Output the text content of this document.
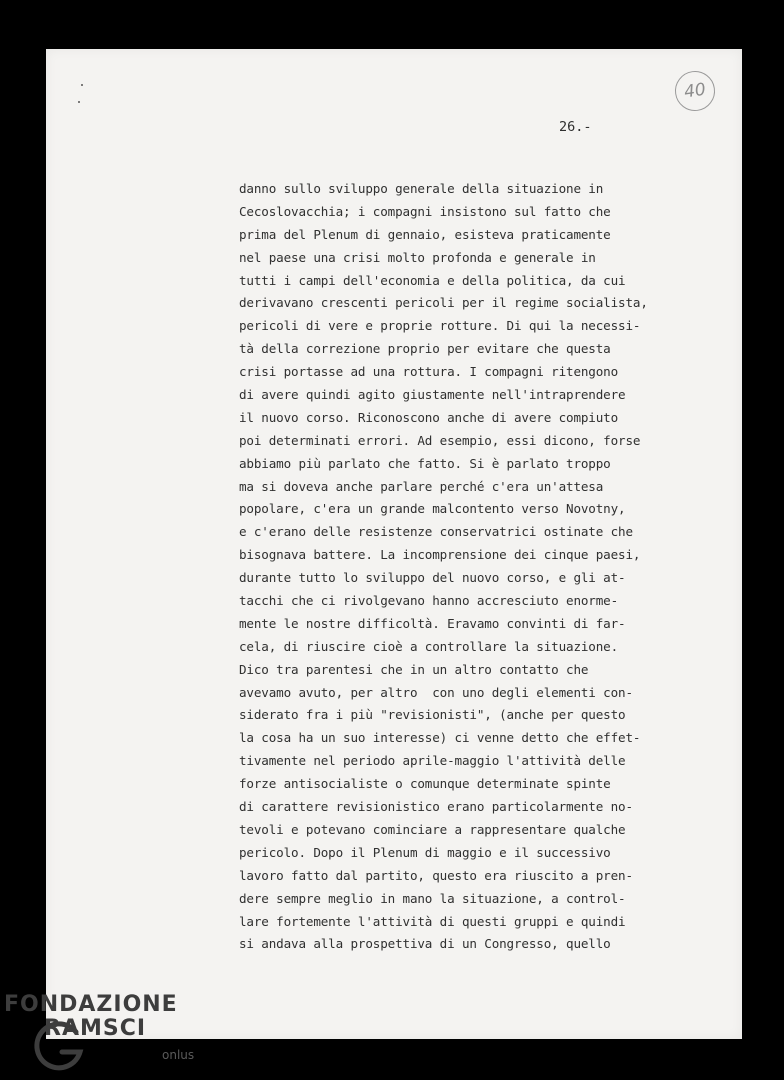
40
26.-
danno sullo sviluppo generale della situazione in
Cecoslovacchia; i compagni insistono sul fatto che
prima del Plenum di gennaio, esisteva praticamente
nel paese una crisi molto profonda e generale in
tutti i campi dell'economia e della politica, da cui
derivavano crescenti pericoli per il regime socialista,
pericoli di vere e proprie rotture. Di qui la necessi-
tà della correzione proprio per evitare che questa
crisi portasse ad una rottura. I compagni ritengono
di avere quindi agito giustamente nell'intraprendere
il nuovo corso. Riconoscono anche di avere compiuto
poi determinati errori. Ad esempio, essi dicono, forse
abbiamo più parlato che fatto. Si è parlato troppo
ma si doveva anche parlare perché c'era un'attesa
popolare, c'era un grande malcontento verso Novotny,
e c'erano delle resistenze conservatrici ostinate che
bisognava battere. La incomprensione dei cinque paesi,
durante tutto lo sviluppo del nuovo corso, e gli at-
tacchi che ci rivolgevano hanno accresciuto enorme-
mente le nostre difficoltà. Eravamo convinti di far-
cela, di riuscire cioè a controllare la situazione.
Dico tra parentesi che in un altro contatto che
avevamo avuto, per altro  con uno degli elementi con-
siderato fra i più "revisionisti", (anche per questo
la cosa ha un suo interesse) ci venne detto che effet-
tivamente nel periodo aprile-maggio l'attività delle
forze antisocialiste o comunque determinate spinte
di carattere revisionistico erano particolarmente no-
tevoli e potevano cominciare a rappresentare qualche
pericolo. Dopo il Plenum di maggio e il successivo
lavoro fatto dal partito, questo era riuscito a pren-
dere sempre meglio in mano la situazione, a control-
lare fortemente l'attività di questi gruppi e quindi
si andava alla prospettiva di un Congresso, quello
FONDAZIONE
RAMSCI
onlus
